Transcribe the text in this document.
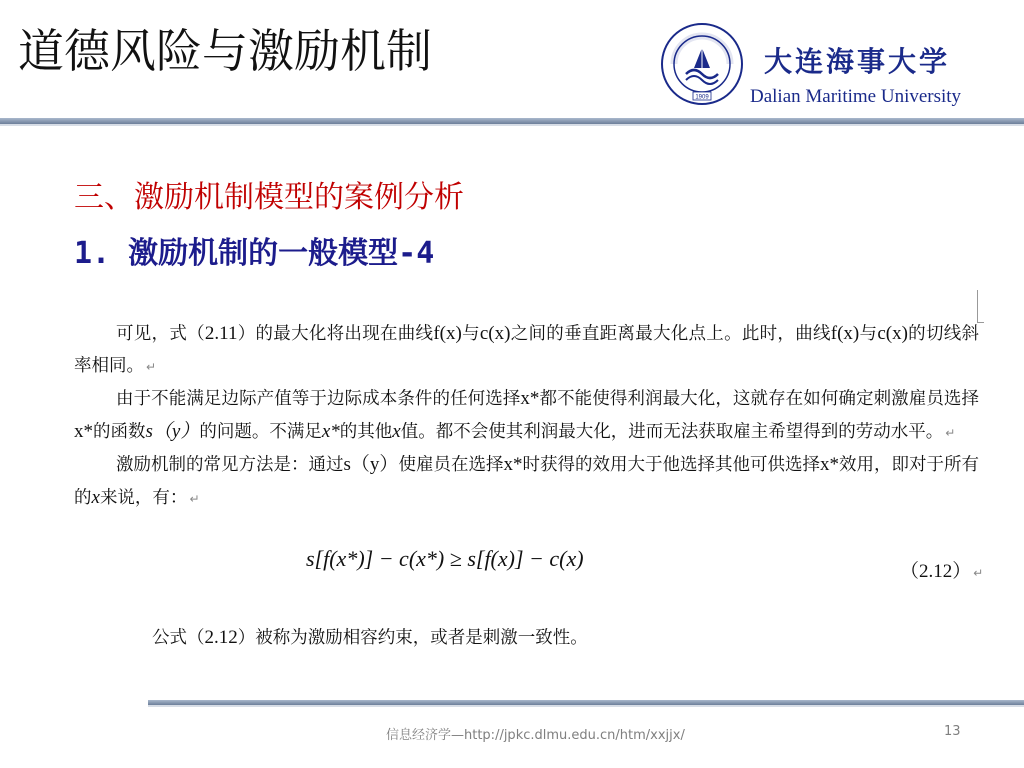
道德风险与激励机制
1909
大连海事大学
Dalian Maritime University
三、激励机制模型的案例分析
1. 激励机制的一般模型-4

可见，式（2.11）的最大化将出现在曲线f(x)与c(x)之间的垂直距离最大化点上。此时，曲线f(x)与c(x)的切线斜率相同。 ↵

由于不能满足边际产值等于边际成本条件的任何选择x*都不能使得利润最大化，这就存在如何确定刺激雇员选择x*的函数s（y）的问题。不满足x*的其他x值。都不会使其利润最大化，进而无法获取雇主希望得到的劳动水平。 ↵

激励机制的常见方法是：通过s（y）使雇员在选择x*时获得的效用大于他选择其他可供选择x*效用，即对于所有的x来说，有： ↵

s[f(x*)] − c(x*) ≥ s[f(x)] − c(x)
（2.12） ↵
公式（2.12）被称为激励相容约束，或者是刺激一致性。
信息经济学—http://jpkc.dlmu.edu.cn/htm/xxjjx/	13
